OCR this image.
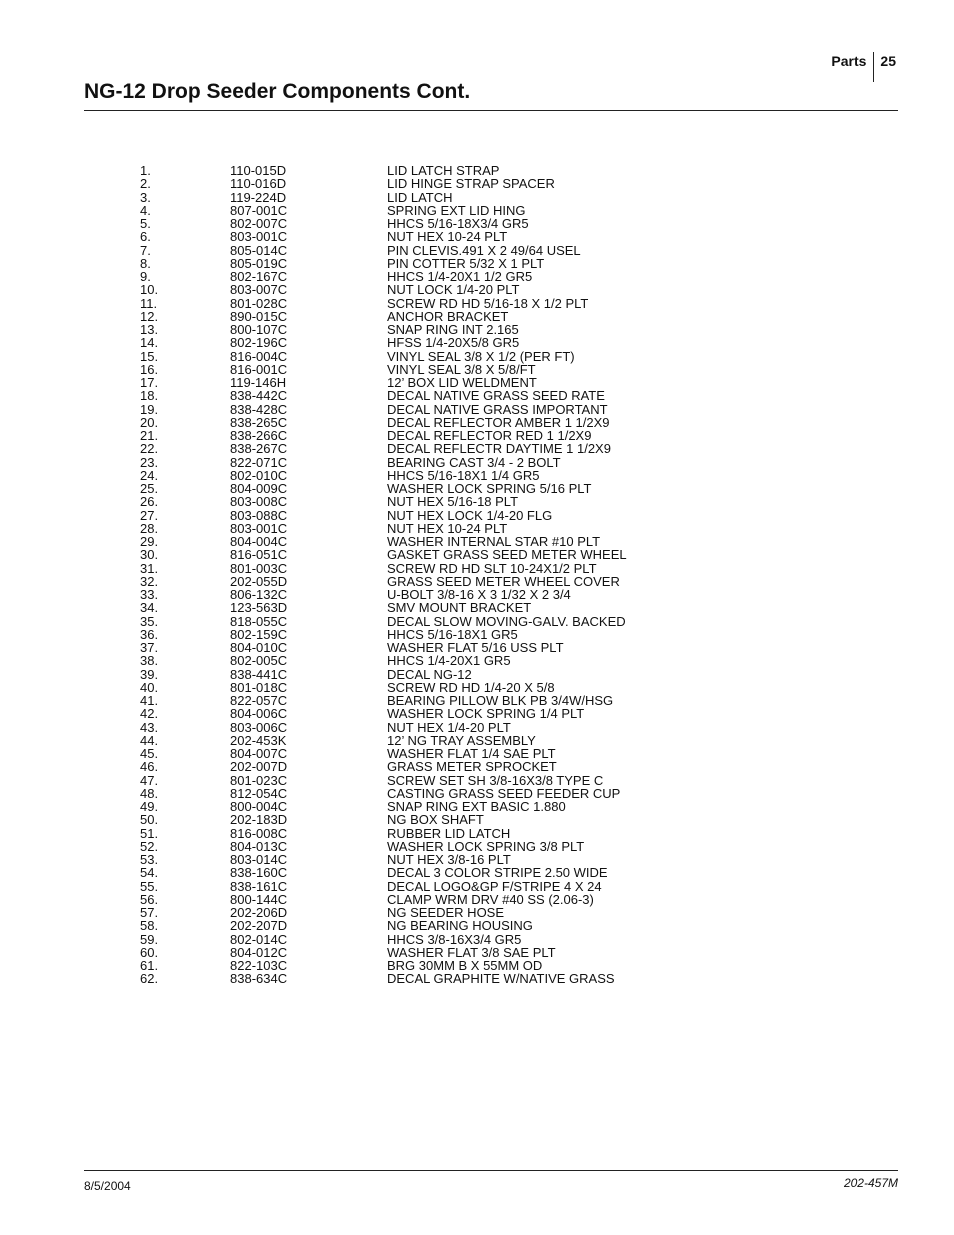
Parts	25
NG-12 Drop Seeder Components Cont.
1.	110-015D	LID LATCH STRAP
2.	110-016D	LID HINGE STRAP SPACER
3.	119-224D	LID LATCH
4.	807-001C	SPRING EXT LID HING
5.	802-007C	HHCS 5/16-18X3/4 GR5
6.	803-001C	NUT HEX 10-24 PLT
7.	805-014C	PIN CLEVIS.491 X 2 49/64 USEL
8.	805-019C	PIN COTTER 5/32 X 1 PLT
9.	802-167C	HHCS 1/4-20X1 1/2 GR5
10.	803-007C	NUT LOCK 1/4-20 PLT
11.	801-028C	SCREW RD HD 5/16-18 X 1/2 PLT
12.	890-015C	ANCHOR BRACKET
13.	800-107C	SNAP RING INT 2.165
14.	802-196C	HFSS 1/4-20X5/8 GR5
15.	816-004C	VINYL SEAL 3/8 X 1/2 (PER FT)
16.	816-001C	VINYL SEAL 3/8 X 5/8/FT
17.	119-146H	12’ BOX LID WELDMENT
18.	838-442C	DECAL NATIVE GRASS SEED RATE
19.	838-428C	DECAL NATIVE GRASS IMPORTANT
20.	838-265C	DECAL REFLECTOR AMBER 1 1/2X9
21.	838-266C	DECAL REFLECTOR RED 1 1/2X9
22.	838-267C	DECAL REFLECTR DAYTIME 1 1/2X9
23.	822-071C	BEARING CAST 3/4 - 2 BOLT
24.	802-010C	HHCS 5/16-18X1 1/4 GR5
25.	804-009C	WASHER LOCK SPRING 5/16 PLT
26.	803-008C	NUT HEX 5/16-18 PLT
27.	803-088C	NUT HEX LOCK 1/4-20 FLG
28.	803-001C	NUT HEX 10-24 PLT
29.	804-004C	WASHER INTERNAL STAR #10 PLT
30.	816-051C	GASKET GRASS SEED METER WHEEL
31.	801-003C	SCREW RD HD SLT 10-24X1/2 PLT
32.	202-055D	GRASS SEED METER WHEEL COVER
33.	806-132C	U-BOLT 3/8-16 X 3 1/32 X 2 3/4
34.	123-563D	SMV MOUNT BRACKET
35.	818-055C	DECAL SLOW MOVING-GALV. BACKED
36.	802-159C	HHCS 5/16-18X1 GR5
37.	804-010C	WASHER FLAT 5/16 USS PLT
38.	802-005C	HHCS 1/4-20X1 GR5
39.	838-441C	DECAL NG-12
40.	801-018C	SCREW RD HD 1/4-20 X 5/8
41.	822-057C	BEARING PILLOW BLK PB 3/4W/HSG
42.	804-006C	WASHER LOCK SPRING 1/4 PLT
43.	803-006C	NUT HEX 1/4-20 PLT
44.	202-453K	12’ NG TRAY ASSEMBLY
45.	804-007C	WASHER FLAT 1/4 SAE PLT
46.	202-007D	GRASS METER SPROCKET
47.	801-023C	SCREW SET SH 3/8-16X3/8 TYPE C
48.	812-054C	CASTING GRASS SEED FEEDER CUP
49.	800-004C	SNAP RING EXT BASIC 1.880
50.	202-183D	NG BOX SHAFT
51.	816-008C	RUBBER LID LATCH
52.	804-013C	WASHER LOCK SPRING 3/8 PLT
53.	803-014C	NUT HEX 3/8-16 PLT
54.	838-160C	DECAL 3 COLOR STRIPE 2.50 WIDE
55.	838-161C	DECAL LOGO&GP F/STRIPE 4 X 24
56.	800-144C	CLAMP WRM DRV #40 SS (2.06-3)
57.	202-206D	NG SEEDER HOSE
58.	202-207D	NG BEARING HOUSING
59.	802-014C	HHCS 3/8-16X3/4 GR5
60.	804-012C	WASHER FLAT 3/8 SAE PLT
61.	822-103C	BRG 30MM B X 55MM OD
62.	838-634C	DECAL GRAPHITE W/NATIVE GRASS
8/5/2004	202-457M
